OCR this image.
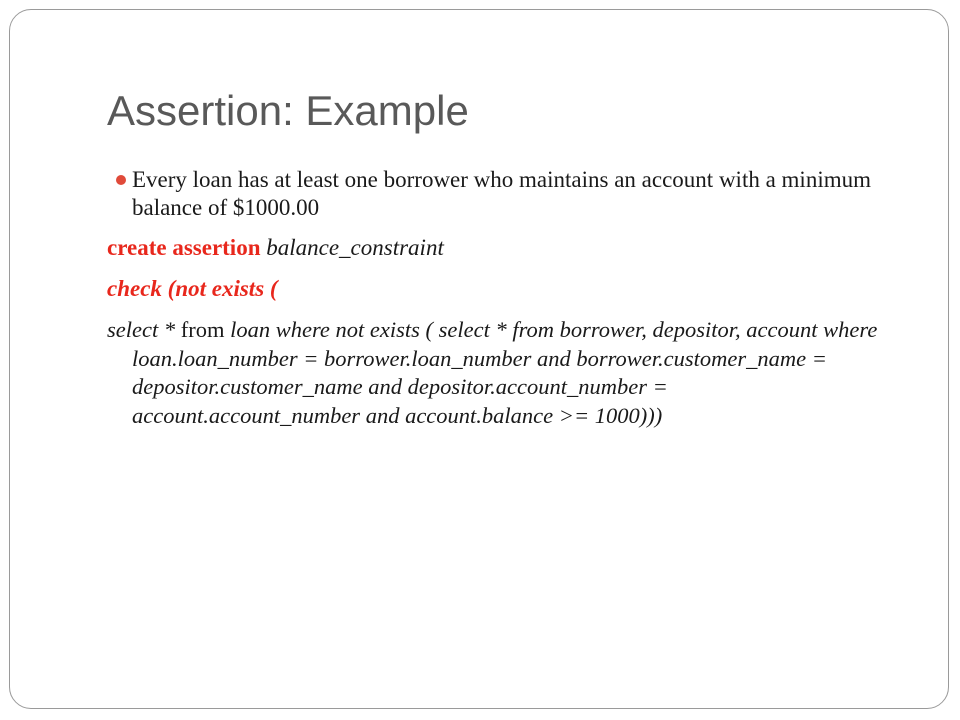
Assertion: Example
Every loan has at least one borrower who maintains an account with a minimum balance of $1000.00

create assertion balance_constraint

check (not exists (

select * from loan where not exists ( select * from borrower, depositor, account where loan.loan_number = borrower.loan_number and borrower.customer_name = depositor.customer_name and depositor.account_number = account.account_number and account.balance >= 1000)))
